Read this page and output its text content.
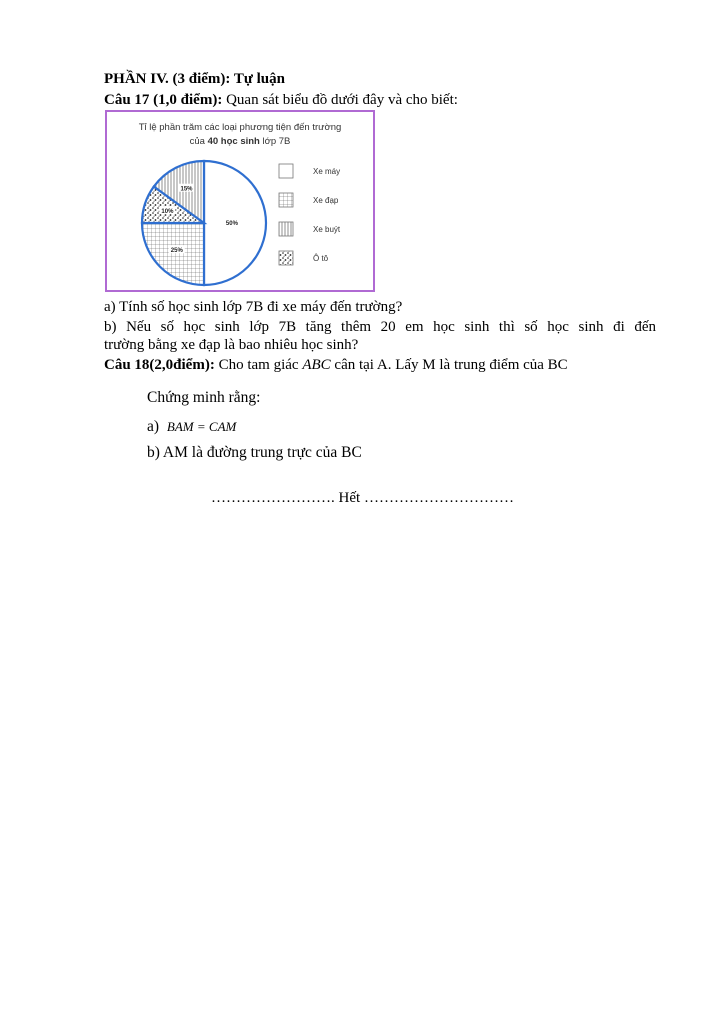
PHẦN IV. (3 điểm): Tự luận
Câu 17 (1,0 điểm): Quan sát biểu đồ dưới đây và cho biết:
Tỉ lệ phần trăm các loại phương tiện đến trường
của 40 học sinh lớp 7B
50%
25%
10%
15%
Xe máy
Xe đạp
Xe buýt
Ô tô
a) Tính số học sinh lớp 7B đi xe máy đến trường?
b) Nếu số học sinh lớp 7B tăng thêm 20 em học sinh thì số học sinh đi đến
trường bằng xe đạp là bao nhiêu học sinh?
Câu 18(2,0điểm): Cho tam giác ABC cân tại A. Lấy M là trung điểm của BC
Chứng minh rằng:
a) BAM = CAM
b) AM là đường trung trực của BC
……………………. Hết …………………………
